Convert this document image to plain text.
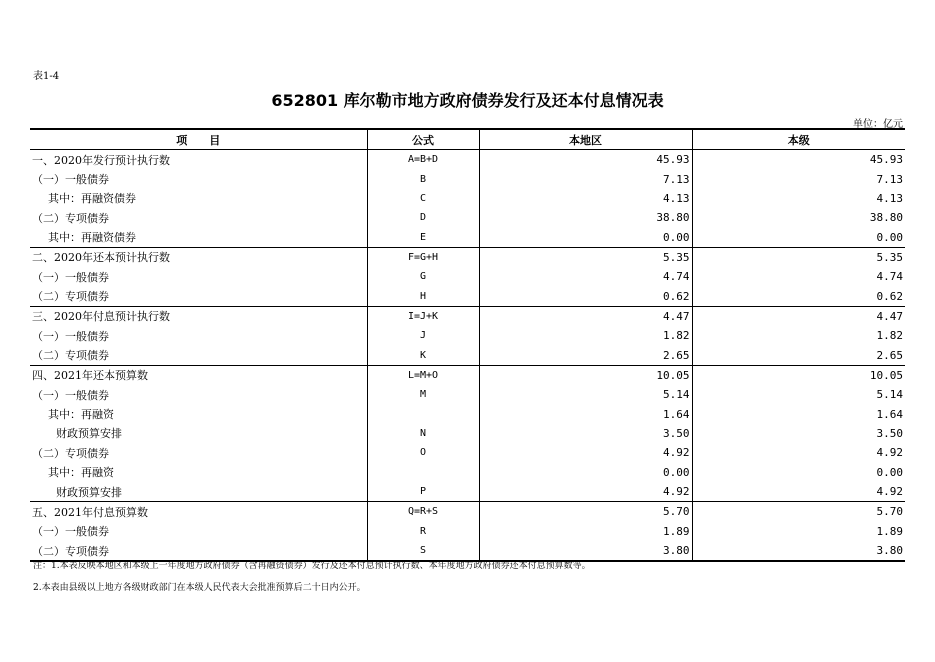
表1-4
652801 库尔勒市地方政府债券发行及还本付息情况表
单位：亿元
项　　目	公式	本地区	本级
一、2020年发行预计执行数	A=B+D	45.93	45.93
（一）一般债券	B	7.13	7.13
其中：再融资债券	C	4.13	4.13
（二）专项债券	D	38.80	38.80
其中：再融资债券	E	0.00	0.00
二、2020年还本预计执行数	F=G+H	5.35	5.35
（一）一般债券	G	4.74	4.74
（二）专项债券	H	0.62	0.62
三、2020年付息预计执行数	I=J+K	4.47	4.47
（一）一般债券	J	1.82	1.82
（二）专项债券	K	2.65	2.65
四、2021年还本预算数	L=M+O	10.05	10.05
（一）一般债券	M	5.14	5.14
其中：再融资		1.64	1.64
财政预算安排	N	3.50	3.50
（二）专项债券	O	4.92	4.92
其中：再融资		0.00	0.00
财政预算安排	P	4.92	4.92
五、2021年付息预算数	Q=R+S	5.70	5.70
（一）一般债券	R	1.89	1.89
（二）专项债券	S	3.80	3.80
注：1.本表反映本地区和本级上一年度地方政府债券（含再融资债券）发行及还本付息预计执行数、本年度地方政府债券还本付息预算数等。
2.本表由县级以上地方各级财政部门在本级人民代表大会批准预算后二十日内公开。
